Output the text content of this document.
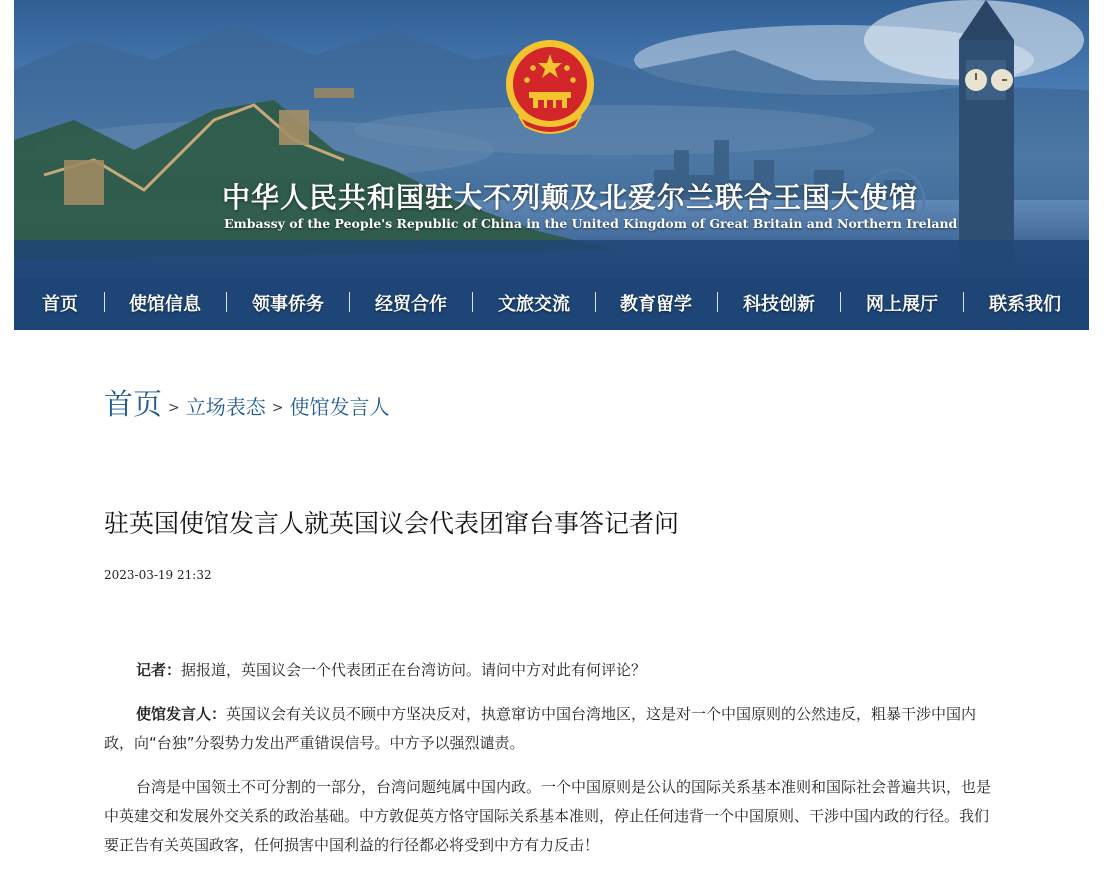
中华人民共和国驻大不列颠及北爱尔兰联合王国大使馆
Embassy of the People's Republic of China in the United Kingdom of Great Britain and Northern Ireland
首页	使馆信息	领事侨务	经贸合作	文旅交流	教育留学	科技创新	网上展厅	联系我们
首页 > 立场表态 > 使馆发言人
驻英国使馆发言人就英国议会代表团窜台事答记者问
2023-03-19 21:32

记者：据报道，英国议会一个代表团正在台湾访问。请问中方对此有何评论？

使馆发言人：英国议会有关议员不顾中方坚决反对，执意窜访中国台湾地区，这是对一个中国原则的公然违反，粗暴干涉中国内政，向“台独”分裂势力发出严重错误信号。中方予以强烈谴责。

台湾是中国领土不可分割的一部分，台湾问题纯属中国内政。一个中国原则是公认的国际关系基本准则和国际社会普遍共识，也是中英建交和发展外交关系的政治基础。中方敦促英方恪守国际关系基本准则，停止任何违背一个中国原则、干涉中国内政的行径。我们要正告有关英国政客，任何损害中国利益的行径都必将受到中方有力反击！
